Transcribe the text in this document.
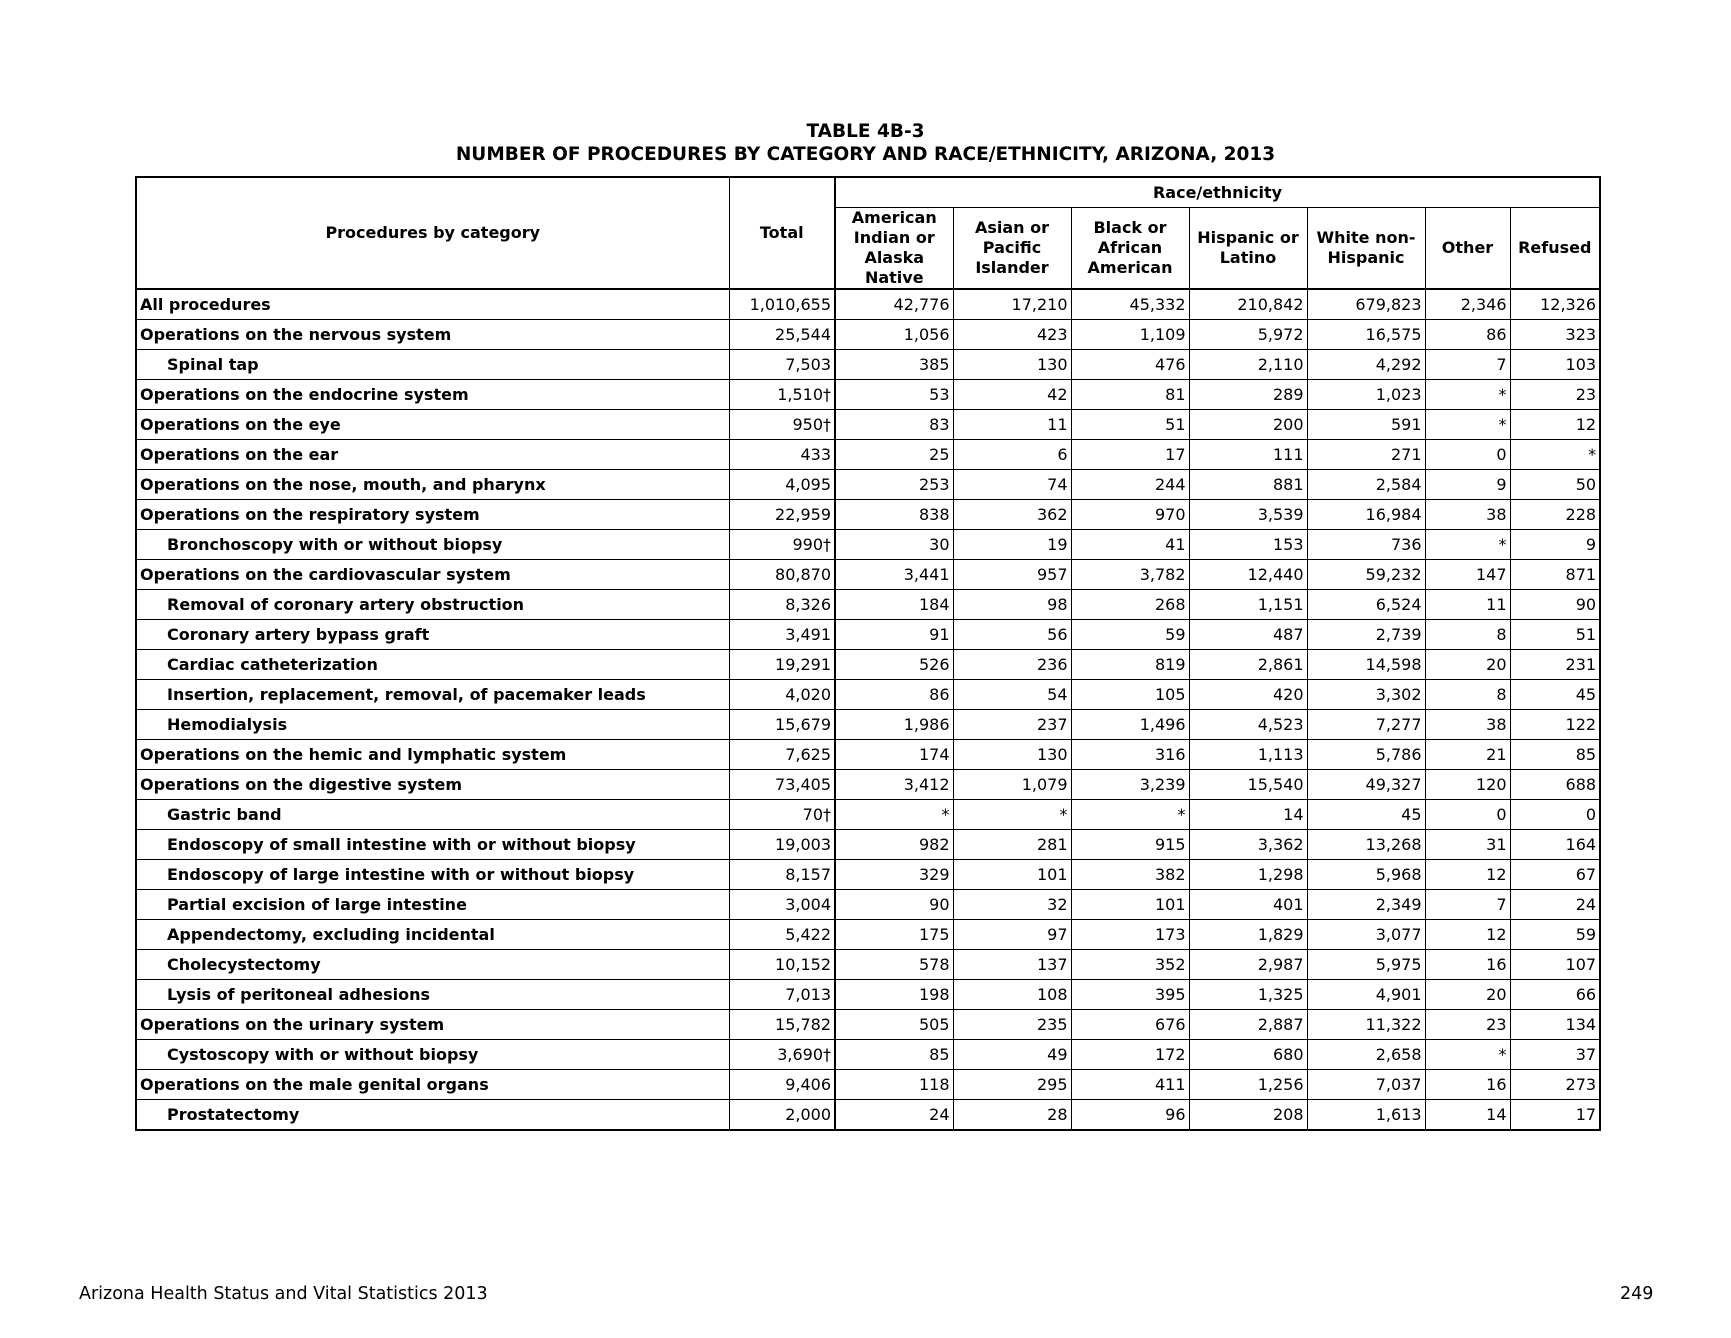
TABLE 4B-3
NUMBER OF PROCEDURES BY CATEGORY AND RACE/ETHNICITY, ARIZONA, 2013
Procedures by category	Total	Race/ethnicity						
		American Indian or Alaska Native	Asian or Pacific Islander	Black or African American	Hispanic or Latino	White non-Hispanic	Other	Refused
All procedures	1,010,655	42,776	17,210	45,332	210,842	679,823	2,346	12,326
Operations on the nervous system	25,544	1,056	423	1,109	5,972	16,575	86	323
Spinal tap	7,503	385	130	476	2,110	4,292	7	103
Operations on the endocrine system	1,510†	53	42	81	289	1,023	*	23
Operations on the eye	950†	83	11	51	200	591	*	12
Operations on the ear	433	25	6	17	111	271	0	*
Operations on the nose, mouth, and pharynx	4,095	253	74	244	881	2,584	9	50
Operations on the respiratory system	22,959	838	362	970	3,539	16,984	38	228
Bronchoscopy with or without biopsy	990†	30	19	41	153	736	*	9
Operations on the cardiovascular system	80,870	3,441	957	3,782	12,440	59,232	147	871
Removal of coronary artery obstruction	8,326	184	98	268	1,151	6,524	11	90
Coronary artery bypass graft	3,491	91	56	59	487	2,739	8	51
Cardiac catheterization	19,291	526	236	819	2,861	14,598	20	231
Insertion, replacement, removal, of pacemaker leads	4,020	86	54	105	420	3,302	8	45
Hemodialysis	15,679	1,986	237	1,496	4,523	7,277	38	122
Operations on the hemic and lymphatic system	7,625	174	130	316	1,113	5,786	21	85
Operations on the digestive system	73,405	3,412	1,079	3,239	15,540	49,327	120	688
Gastric band	70†	*	*	*	14	45	0	0
Endoscopy of small intestine with or without biopsy	19,003	982	281	915	3,362	13,268	31	164
Endoscopy of large intestine with or without biopsy	8,157	329	101	382	1,298	5,968	12	67
Partial excision of large intestine	3,004	90	32	101	401	2,349	7	24
Appendectomy, excluding incidental	5,422	175	97	173	1,829	3,077	12	59
Cholecystectomy	10,152	578	137	352	2,987	5,975	16	107
Lysis of peritoneal adhesions	7,013	198	108	395	1,325	4,901	20	66
Operations on the urinary system	15,782	505	235	676	2,887	11,322	23	134
Cystoscopy with or without biopsy	3,690†	85	49	172	680	2,658	*	37
Operations on the male genital organs	9,406	118	295	411	1,256	7,037	16	273
Prostatectomy	2,000	24	28	96	208	1,613	14	17
Arizona Health Status and Vital Statistics 2013	249
